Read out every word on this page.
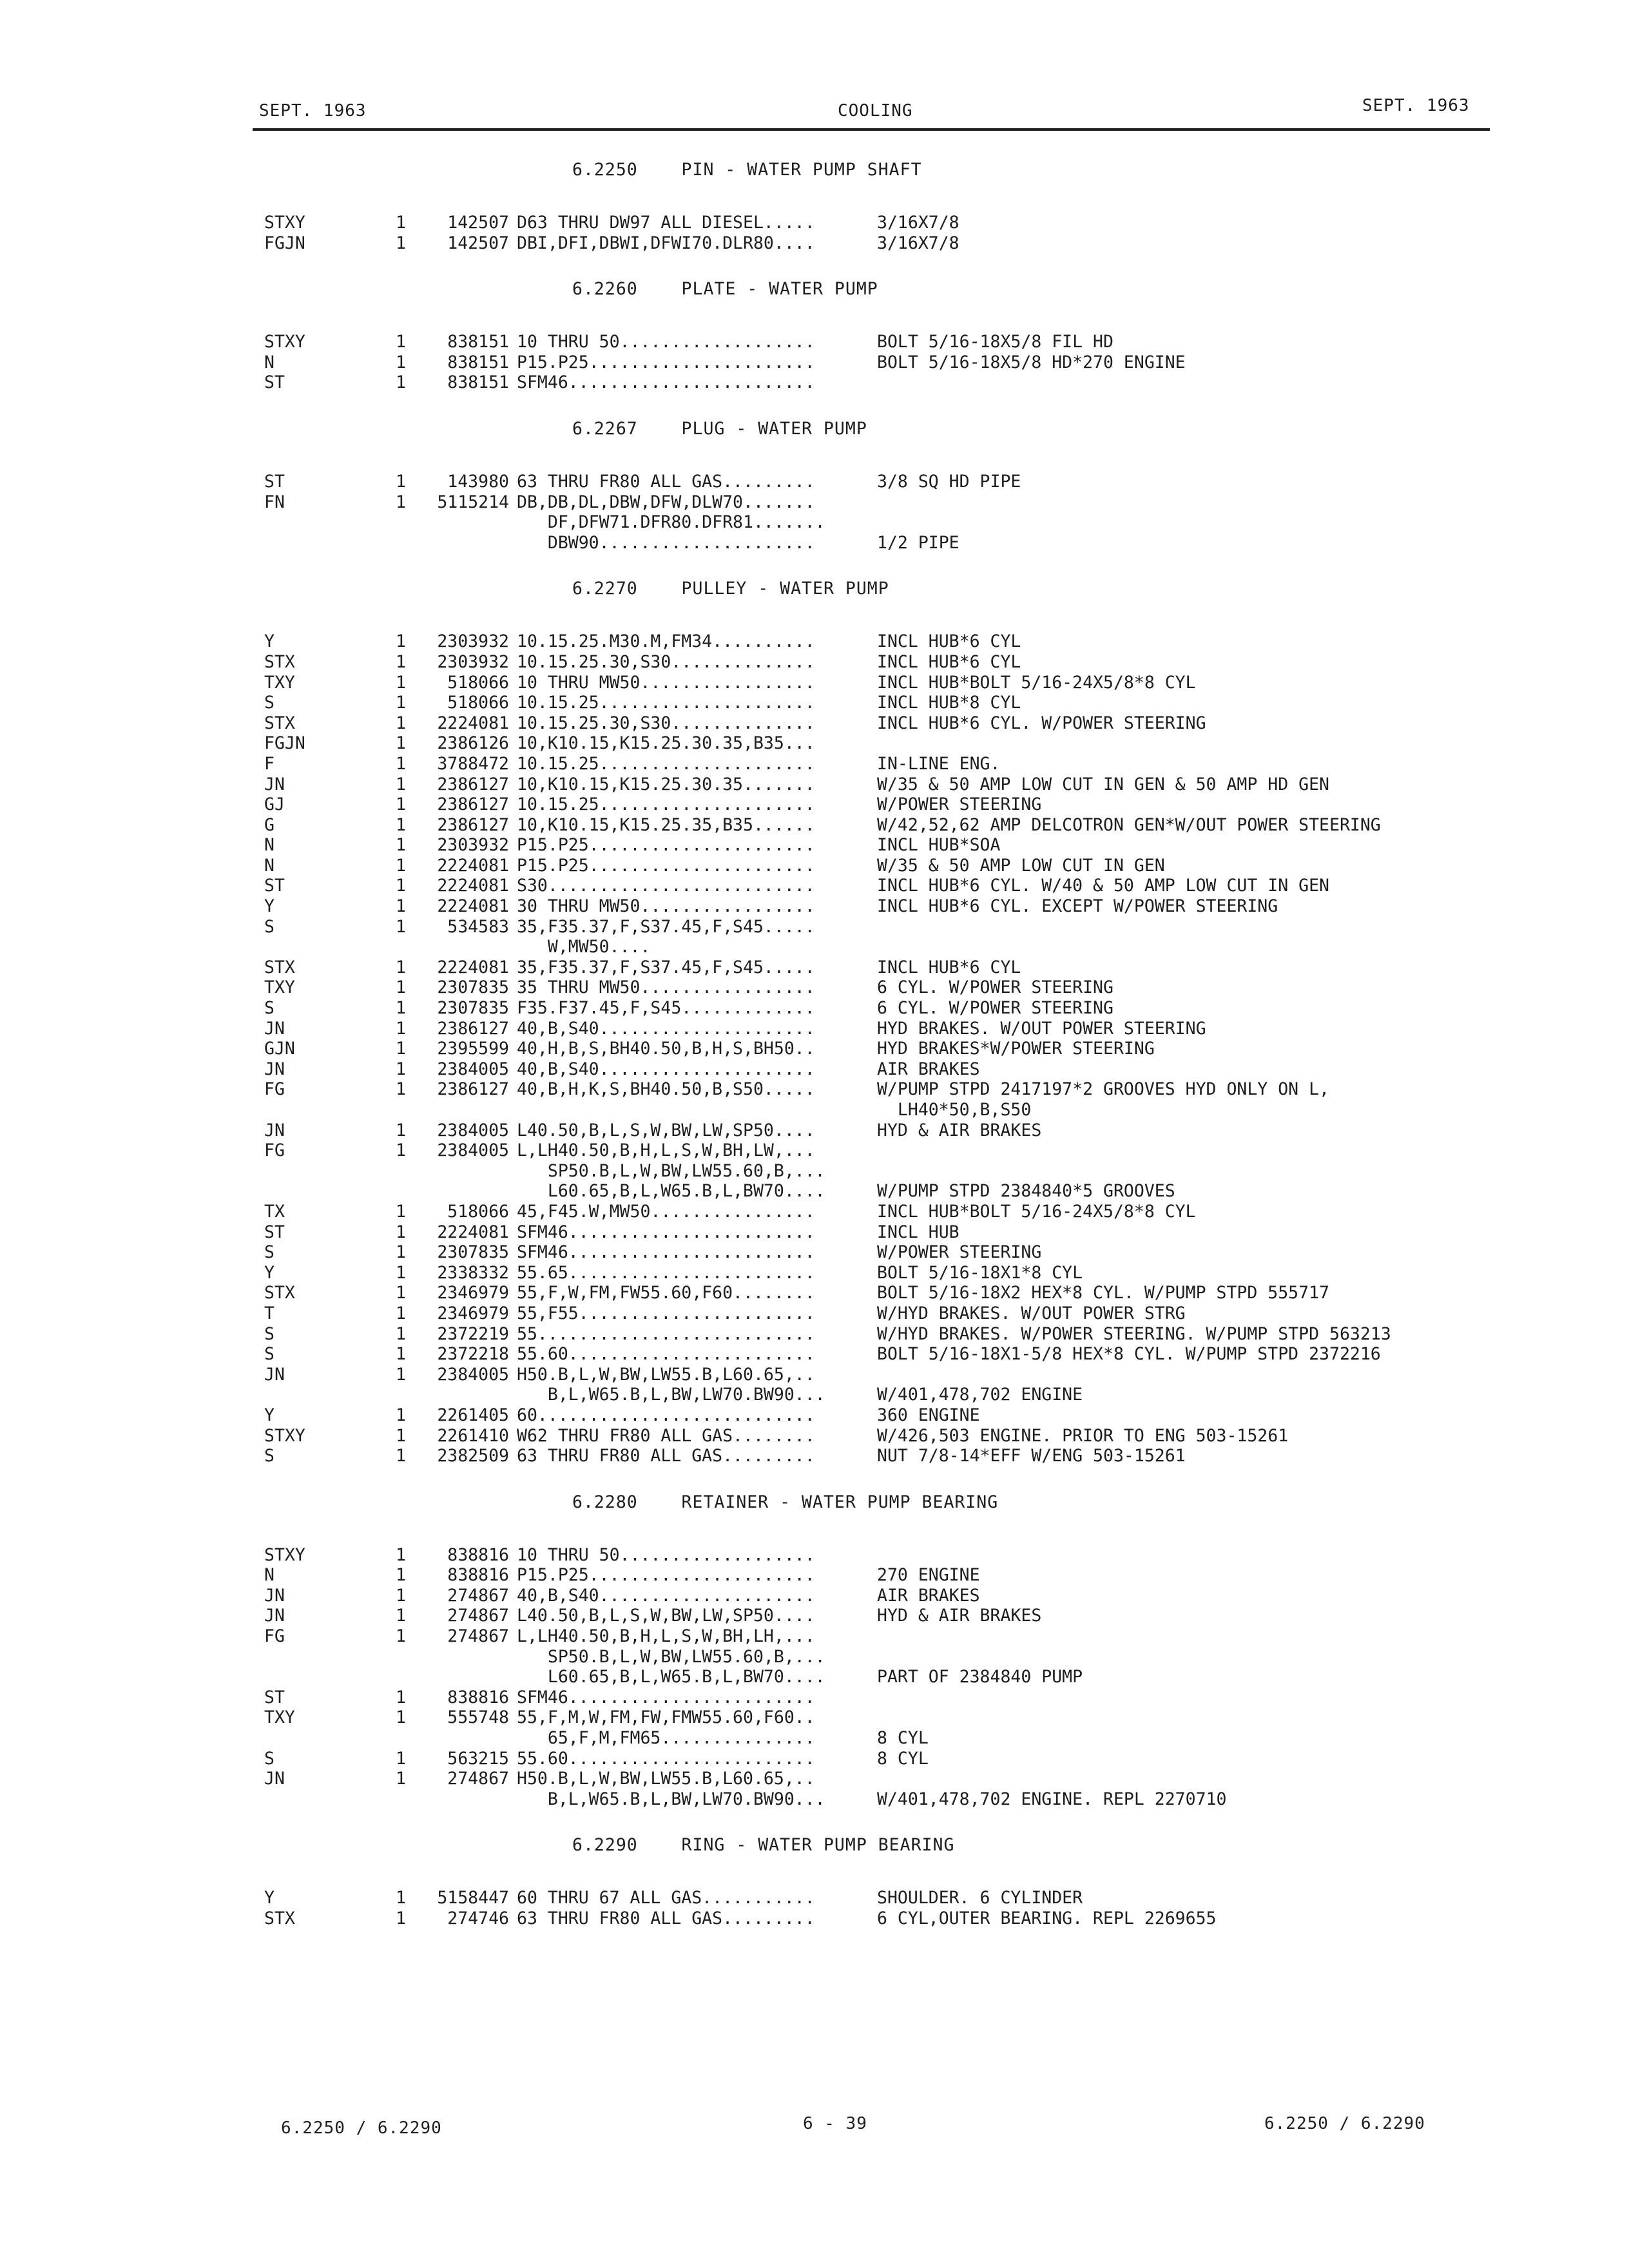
SEPT. 1963	COOLING	SEPT. 1963
6.2250    PIN - WATER PUMP SHAFT
STXY	1	142507 D63 THRU DW97 ALL DIESEL.....	3/16X7/8
FGJN	1	142507 DBI,DFI,DBWI,DFWI70.DLR80....	3/16X7/8
6.2260    PLATE - WATER PUMP
STXY	1	838151 10 THRU 50...................	BOLT 5/16-18X5/8 FIL HD
N	1	838151 P15.P25......................	BOLT 5/16-18X5/8 HD*270 ENGINE
ST	1	838151 SFM46........................
6.2267    PLUG - WATER PUMP
ST	1	143980 63 THRU FR80 ALL GAS.........	3/8 SQ HD PIPE
FN	1	5115214 DB,DB,DL,DBW,DFW,DLW70.......
DF,DFW71.DFR80.DFR81.......
DBW90.....................	1/2 PIPE
6.2270    PULLEY - WATER PUMP
Y	1	2303932 10.15.25.M30.M,FM34..........	INCL HUB*6 CYL
STX	1	2303932 10.15.25.30,S30..............	INCL HUB*6 CYL
TXY	1	518066 10 THRU MW50.................	INCL HUB*BOLT 5/16-24X5/8*8 CYL
S	1	518066 10.15.25.....................	INCL HUB*8 CYL
STX	1	2224081 10.15.25.30,S30..............	INCL HUB*6 CYL. W/POWER STEERING
FGJN	1	2386126 10,K10.15,K15.25.30.35,B35...
F	1	3788472 10.15.25.....................	IN-LINE ENG.
JN	1	2386127 10,K10.15,K15.25.30.35.......	W/35 & 50 AMP LOW CUT IN GEN & 50 AMP HD GEN
GJ	1	2386127 10.15.25.....................	W/POWER STEERING
G	1	2386127 10,K10.15,K15.25.35,B35......	W/42,52,62 AMP DELCOTRON GEN*W/OUT POWER STEERING
N	1	2303932 P15.P25......................	INCL HUB*SOA
N	1	2224081 P15.P25......................	W/35 & 50 AMP LOW CUT IN GEN
ST	1	2224081 S30..........................	INCL HUB*6 CYL. W/40 & 50 AMP LOW CUT IN GEN
Y	1	2224081 30 THRU MW50.................	INCL HUB*6 CYL. EXCEPT W/POWER STEERING
S	1	534583 35,F35.37,F,S37.45,F,S45.....
W,MW50....
STX	1	2224081 35,F35.37,F,S37.45,F,S45.....	INCL HUB*6 CYL
TXY	1	2307835 35 THRU MW50.................	6 CYL. W/POWER STEERING
S	1	2307835 F35.F37.45,F,S45.............	6 CYL. W/POWER STEERING
JN	1	2386127 40,B,S40.....................	HYD BRAKES. W/OUT POWER STEERING
GJN	1	2395599 40,H,B,S,BH40.50,B,H,S,BH50..	HYD BRAKES*W/POWER STEERING
JN	1	2384005 40,B,S40.....................	AIR BRAKES
FG	1	2386127 40,B,H,K,S,BH40.50,B,S50.....	W/PUMP STPD 2417197*2 GROOVES HYD ONLY ON L,
LH40*50,B,S50
JN	1	2384005 L40.50,B,L,S,W,BW,LW,SP50....	HYD & AIR BRAKES
FG	1	2384005 L,LH40.50,B,H,L,S,W,BH,LW,...
SP50.B,L,W,BW,LW55.60,B,...
L60.65,B,L,W65.B,L,BW70....	W/PUMP STPD 2384840*5 GROOVES
TX	1	518066 45,F45.W,MW50................	INCL HUB*BOLT 5/16-24X5/8*8 CYL
ST	1	2224081 SFM46........................	INCL HUB
S	1	2307835 SFM46........................	W/POWER STEERING
Y	1	2338332 55.65........................	BOLT 5/16-18X1*8 CYL
STX	1	2346979 55,F,W,FM,FW55.60,F60........	BOLT 5/16-18X2 HEX*8 CYL. W/PUMP STPD 555717
T	1	2346979 55,F55.......................	W/HYD BRAKES. W/OUT POWER STRG
S	1	2372219 55...........................	W/HYD BRAKES. W/POWER STEERING. W/PUMP STPD 563213
S	1	2372218 55.60........................	BOLT 5/16-18X1-5/8 HEX*8 CYL. W/PUMP STPD 2372216
JN	1	2384005 H50.B,L,W,BW,LW55.B,L60.65,..
B,L,W65.B,L,BW,LW70.BW90...	W/401,478,702 ENGINE
Y	1	2261405 60...........................	360 ENGINE
STXY	1	2261410 W62 THRU FR80 ALL GAS........	W/426,503 ENGINE. PRIOR TO ENG 503-15261
S	1	2382509 63 THRU FR80 ALL GAS.........	NUT 7/8-14*EFF W/ENG 503-15261
6.2280    RETAINER - WATER PUMP BEARING
STXY	1	838816 10 THRU 50...................
N	1	838816 P15.P25......................	270 ENGINE
JN	1	274867 40,B,S40.....................	AIR BRAKES
JN	1	274867 L40.50,B,L,S,W,BW,LW,SP50....	HYD & AIR BRAKES
FG	1	274867 L,LH40.50,B,H,L,S,W,BH,LH,...
SP50.B,L,W,BW,LW55.60,B,...
L60.65,B,L,W65.B,L,BW70....	PART OF 2384840 PUMP
ST	1	838816 SFM46........................
TXY	1	555748 55,F,M,W,FM,FW,FMW55.60,F60..
65,F,M,FM65...............	8 CYL
S	1	563215 55.60........................	8 CYL
JN	1	274867 H50.B,L,W,BW,LW55.B,L60.65,..
B,L,W65.B,L,BW,LW70.BW90...	W/401,478,702 ENGINE. REPL 2270710
6.2290    RING - WATER PUMP BEARING
Y	1	5158447 60 THRU 67 ALL GAS...........	SHOULDER. 6 CYLINDER
STX	1	274746 63 THRU FR80 ALL GAS.........	6 CYL,OUTER BEARING. REPL 2269655
6.2250 / 6.2290	6 - 39	6.2250 / 6.2290
